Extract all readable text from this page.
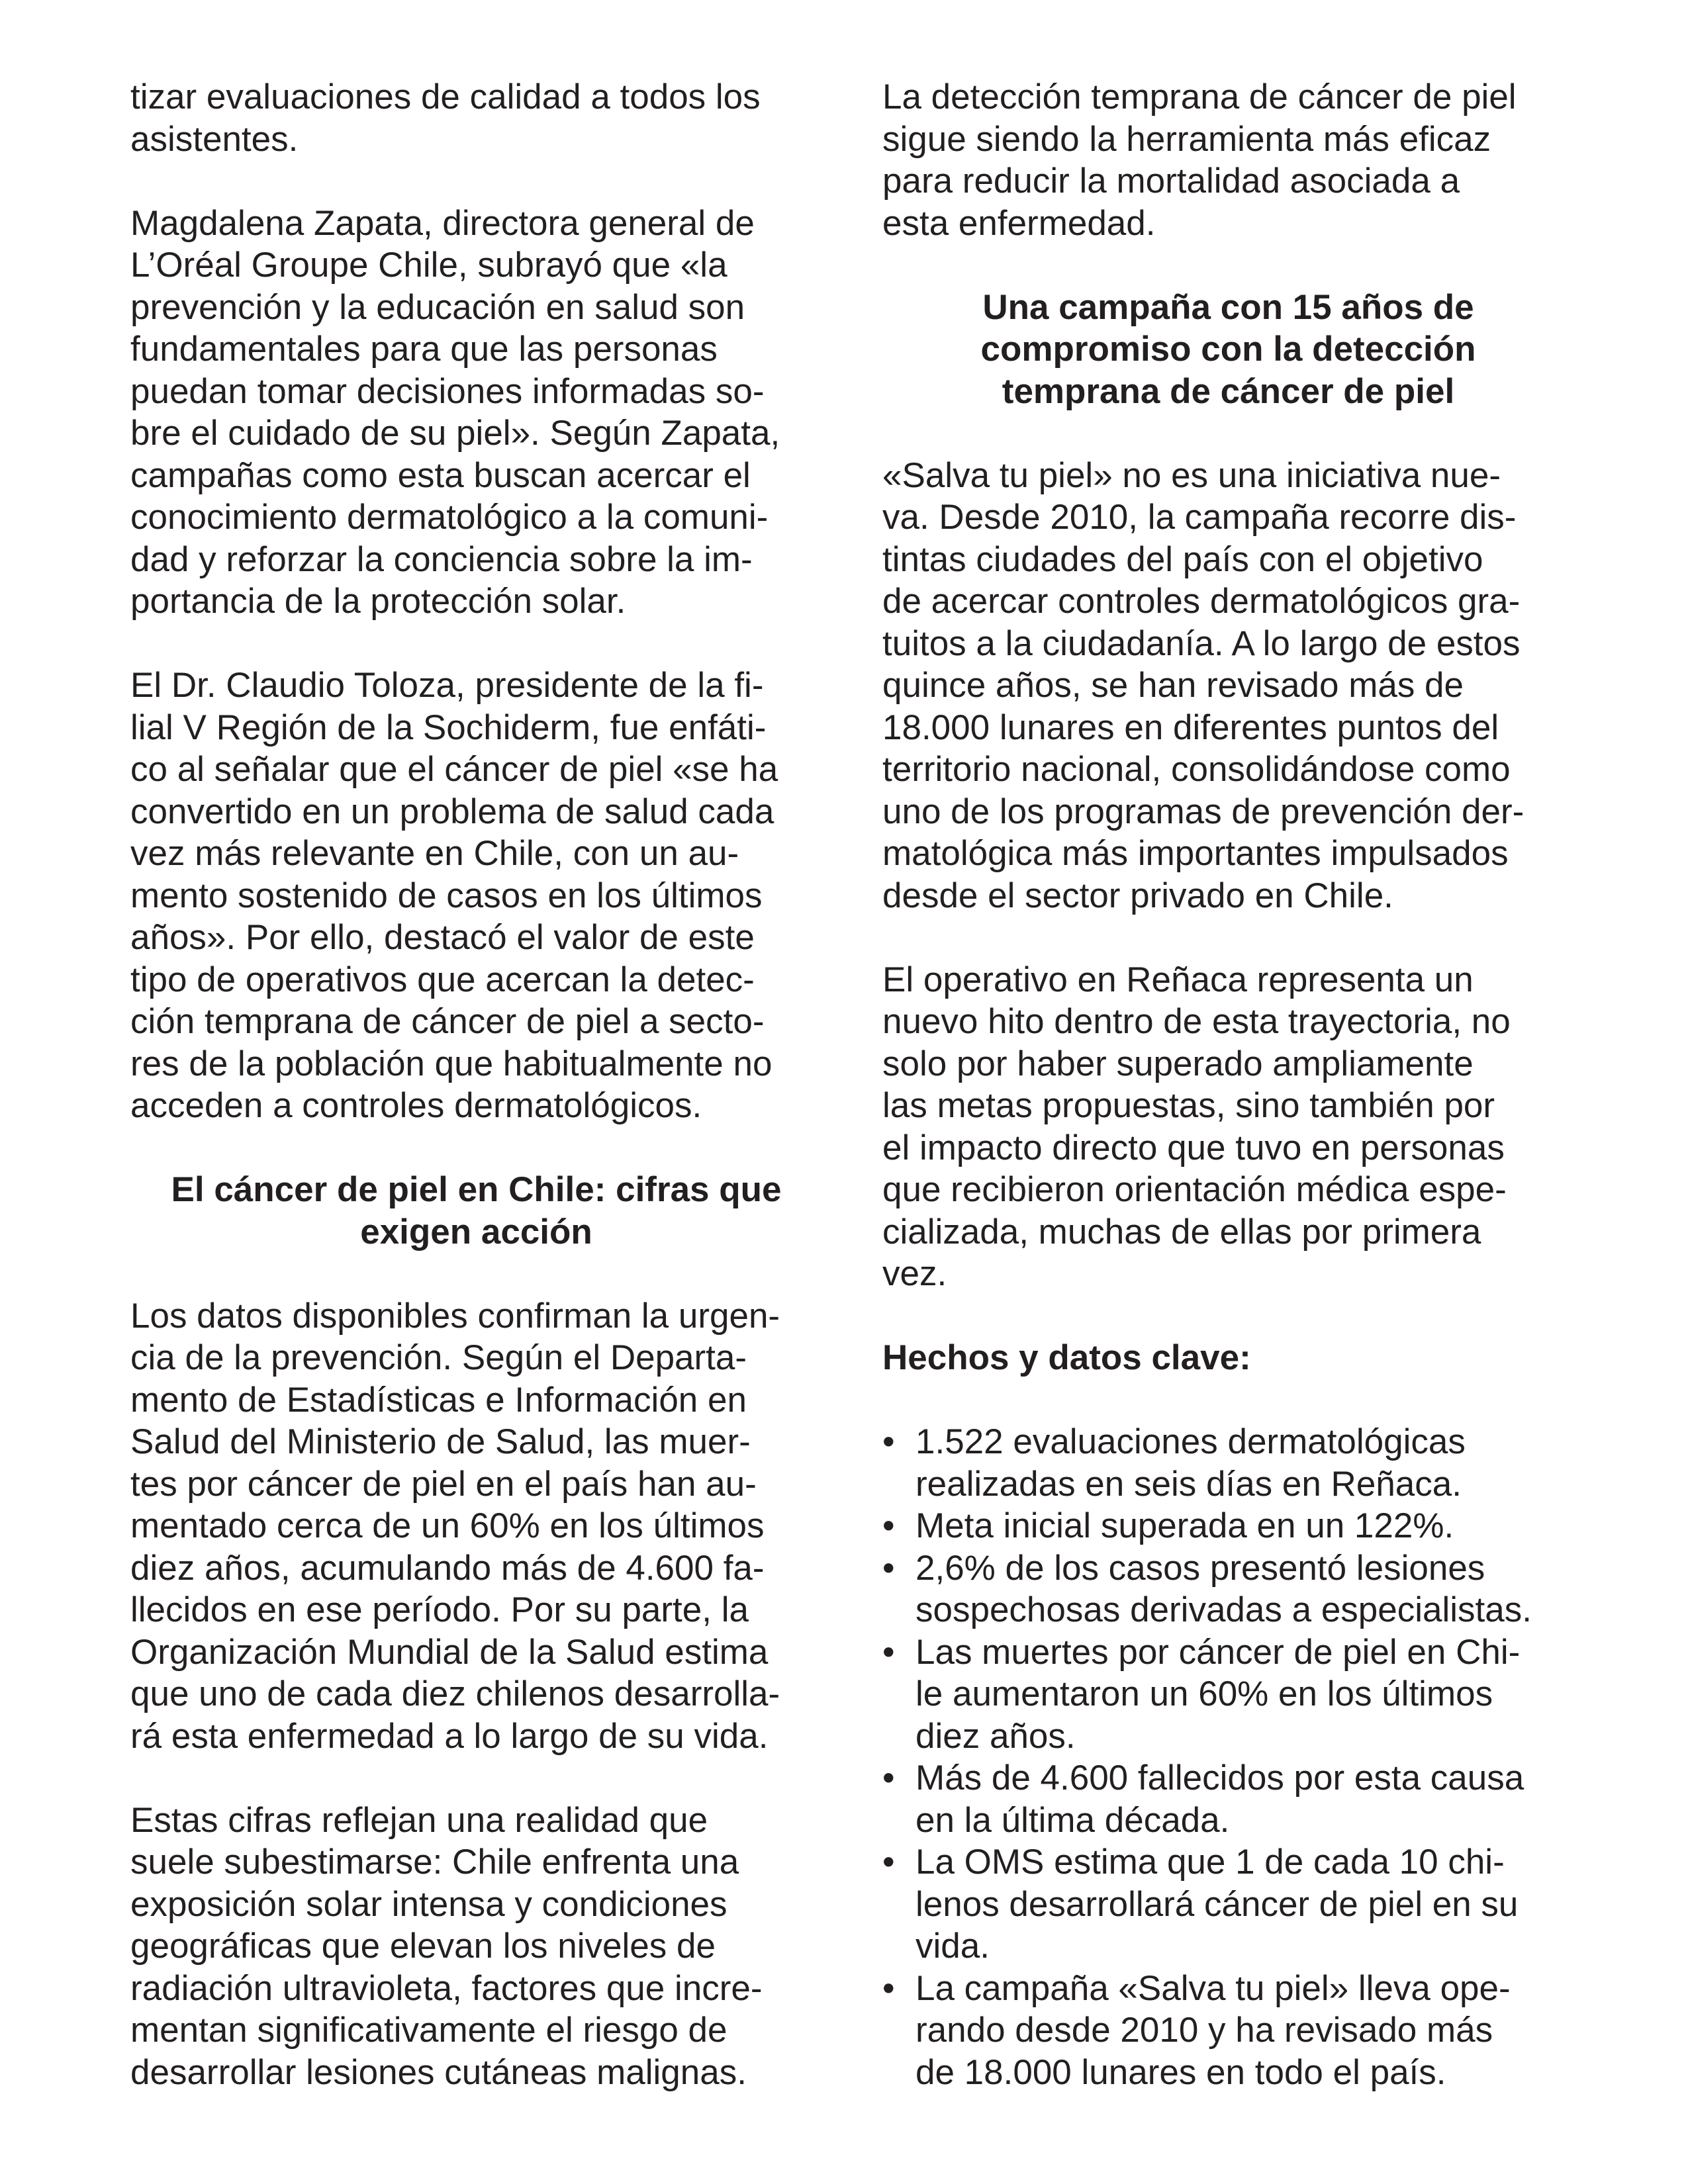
tizar evaluaciones de calidad a todos los
asistentes.
Magdalena Zapata, directora general de
L’Oréal Groupe Chile, subrayó que «la
prevención y la educación en salud son
fundamentales para que las personas
puedan tomar decisiones informadas so-
bre el cuidado de su piel». Según Zapata,
campañas como esta buscan acercar el
conocimiento dermatológico a la comuni-
dad y reforzar la conciencia sobre la im-
portancia de la protección solar.
El Dr. Claudio Toloza, presidente de la fi-
lial V Región de la Sochiderm, fue enfáti-
co al señalar que el cáncer de piel «se ha
convertido en un problema de salud cada
vez más relevante en Chile, con un au-
mento sostenido de casos en los últimos
años». Por ello, destacó el valor de este
tipo de operativos que acercan la detec-
ción temprana de cáncer de piel a secto-
res de la población que habitualmente no
acceden a controles dermatológicos.
El cáncer de piel en Chile: cifras que
exigen acción
Los datos disponibles confirman la urgen-
cia de la prevención. Según el Departa-
mento de Estadísticas e Información en
Salud del Ministerio de Salud, las muer-
tes por cáncer de piel en el país han au-
mentado cerca de un 60% en los últimos
diez años, acumulando más de 4.600 fa-
llecidos en ese período. Por su parte, la
Organización Mundial de la Salud estima
que uno de cada diez chilenos desarrolla-
rá esta enfermedad a lo largo de su vida.
Estas cifras reflejan una realidad que
suele subestimarse: Chile enfrenta una
exposición solar intensa y condiciones
geográficas que elevan los niveles de
radiación ultravioleta, factores que incre-
mentan significativamente el riesgo de
desarrollar lesiones cutáneas malignas.
La detección temprana de cáncer de piel
sigue siendo la herramienta más eficaz
para reducir la mortalidad asociada a
esta enfermedad.
Una campaña con 15 años de
compromiso con la detección
temprana de cáncer de piel
«Salva tu piel» no es una iniciativa nue-
va. Desde 2010, la campaña recorre dis-
tintas ciudades del país con el objetivo
de acercar controles dermatológicos gra-
tuitos a la ciudadanía. A lo largo de estos
quince años, se han revisado más de
18.000 lunares en diferentes puntos del
territorio nacional, consolidándose como
uno de los programas de prevención der-
matológica más importantes impulsados
desde el sector privado en Chile.
El operativo en Reñaca representa un
nuevo hito dentro de esta trayectoria, no
solo por haber superado ampliamente
las metas propuestas, sino también por
el impacto directo que tuvo en personas
que recibieron orientación médica espe-
cializada, muchas de ellas por primera
vez.
Hechos y datos clave:
• 1.522 evaluaciones dermatológicas
realizadas en seis días en Reñaca.
• Meta inicial superada en un 122%.
• 2,6% de los casos presentó lesiones
sospechosas derivadas a especialistas.
• Las muertes por cáncer de piel en Chi-
le aumentaron un 60% en los últimos
diez años.
• Más de 4.600 fallecidos por esta causa
en la última década.
• La OMS estima que 1 de cada 10 chi-
lenos desarrollará cáncer de piel en su
vida.
• La campaña «Salva tu piel» lleva ope-
rando desde 2010 y ha revisado más
de 18.000 lunares en todo el país.
